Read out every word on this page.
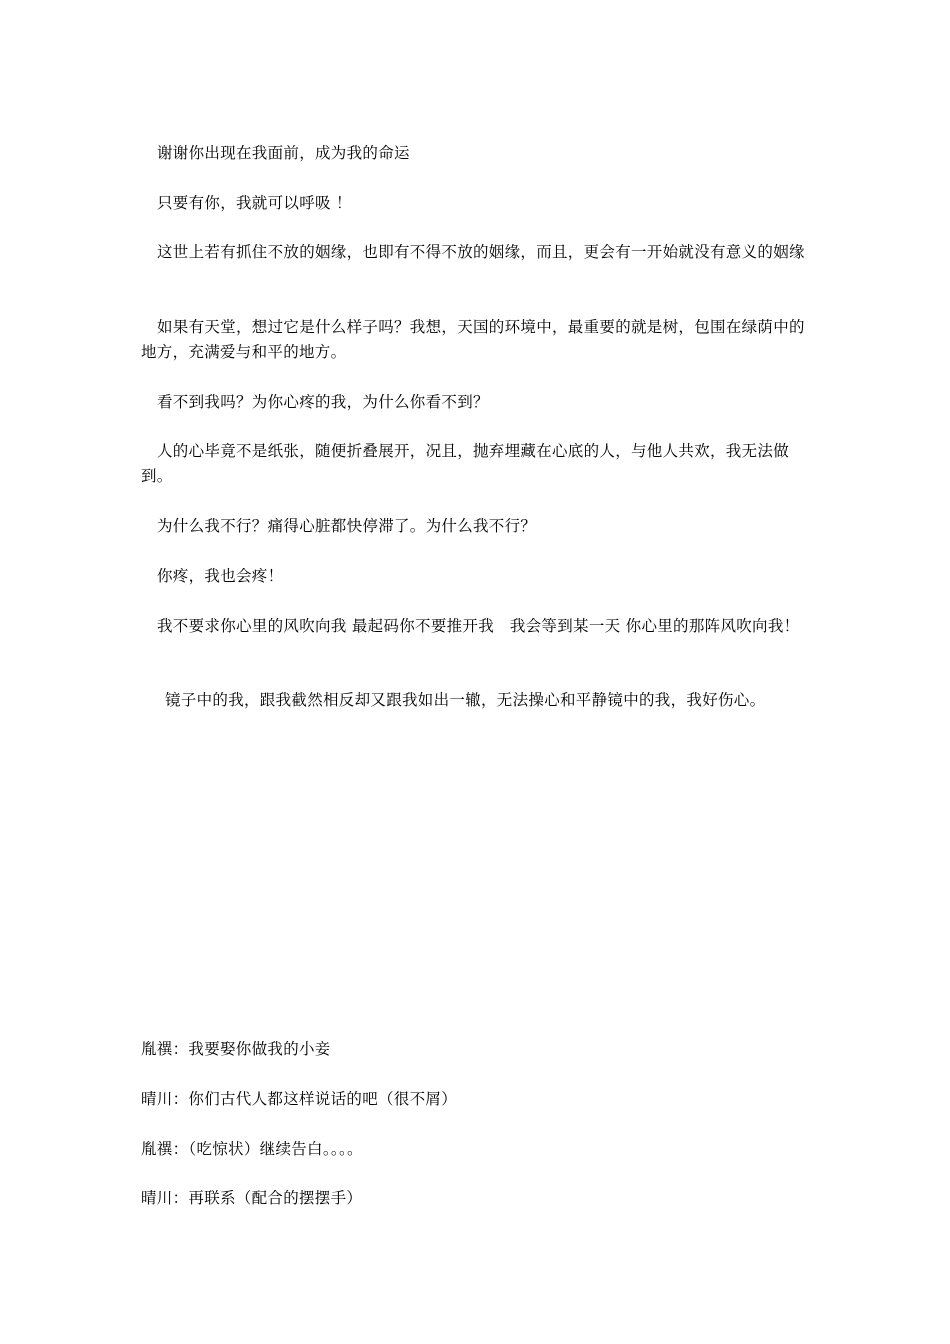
谢谢你出现在我面前，成为我的命运

只要有你，我就可以呼吸 ！

这世上若有抓住不放的姻缘，也即有不得不放的姻缘，而且，更会有一开始就没有意义的姻缘

如果有天堂，想过它是什么样子吗？我想，天国的环境中，最重要的就是树，包围在绿荫中的地方，充满爱与和平的地方。

看不到我吗？为你心疼的我，为什么你看不到？

人的心毕竟不是纸张，随便折叠展开，况且，抛弃埋藏在心底的人，与他人共欢，我无法做到。

为什么我不行？痛得心脏都快停滞了。为什么我不行？

你疼，我也会疼！

我不要求你心里的风吹向我 最起码你不要推开我　我会等到某一天 你心里的那阵风吹向我！

镜子中的我，跟我截然相反却又跟我如出一辙，无法操心和平静镜中的我，我好伤心。

胤禩：我要娶你做我的小妾

晴川：你们古代人都这样说话的吧（很不屑）

胤禩：（吃惊状）继续告白。。。。

晴川：再联系（配合的摆摆手）
